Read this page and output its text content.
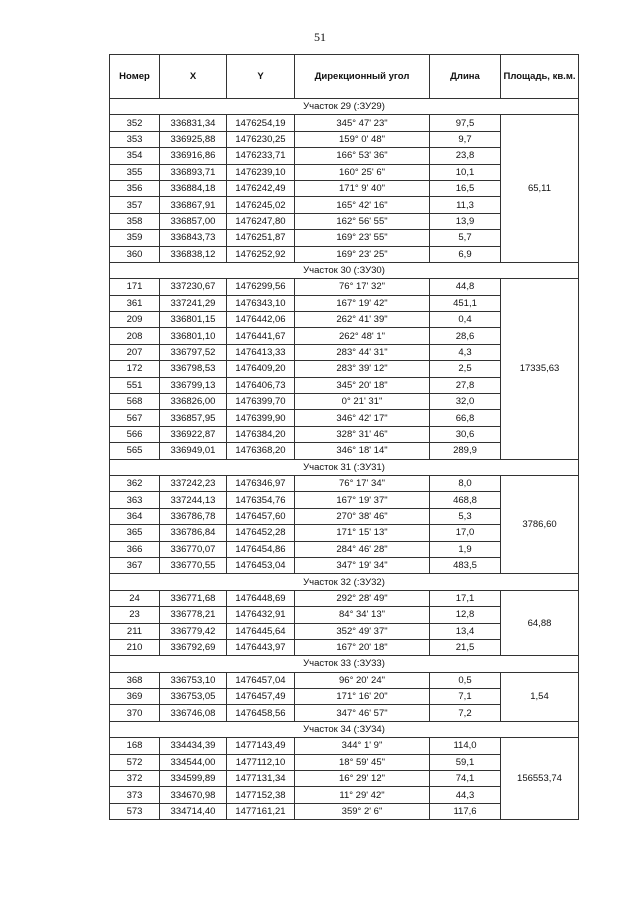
51
Номер	X	Y	Дирекционный угол	Длина	Площадь, кв.м.
Участок 29 (:ЗУ29)					
352	336831,34	1476254,19	345° 47' 23"	97,5	65,11
353	336925,88	1476230,25	159° 0' 48"	9,7	
354	336916,86	1476233,71	166° 53' 36"	23,8	
355	336893,71	1476239,10	160° 25' 6"	10,1	
356	336884,18	1476242,49	171° 9' 40"	16,5	
357	336867,91	1476245,02	165° 42' 16"	11,3	
358	336857,00	1476247,80	162° 56' 55"	13,9	
359	336843,73	1476251,87	169° 23' 55"	5,7	
360	336838,12	1476252,92	169° 23' 25"	6,9	
Участок 30 (:ЗУ30)					
171	337230,67	1476299,56	76° 17' 32"	44,8	17335,63
361	337241,29	1476343,10	167° 19' 42"	451,1	
209	336801,15	1476442,06	262° 41' 39"	0,4	
208	336801,10	1476441,67	262° 48' 1"	28,6	
207	336797,52	1476413,33	283° 44' 31"	4,3	
172	336798,53	1476409,20	283° 39' 12"	2,5	
551	336799,13	1476406,73	345° 20' 18"	27,8	
568	336826,00	1476399,70	0° 21' 31"	32,0	
567	336857,95	1476399,90	346° 42' 17"	66,8	
566	336922,87	1476384,20	328° 31' 46"	30,6	
565	336949,01	1476368,20	346° 18' 14"	289,9	
Участок 31 (:ЗУ31)					
362	337242,23	1476346,97	76° 17' 34"	8,0	3786,60
363	337244,13	1476354,76	167° 19' 37"	468,8	
364	336786,78	1476457,60	270° 38' 46"	5,3	
365	336786,84	1476452,28	171° 15' 13"	17,0	
366	336770,07	1476454,86	284° 46' 28"	1,9	
367	336770,55	1476453,04	347° 19' 34"	483,5	
Участок 32 (:ЗУ32)					
24	336771,68	1476448,69	292° 28' 49"	17,1	64,88
23	336778,21	1476432,91	84° 34' 13"	12,8	
211	336779,42	1476445,64	352° 49' 37"	13,4	
210	336792,69	1476443,97	167° 20' 18"	21,5	
Участок 33 (:ЗУ33)					
368	336753,10	1476457,04	96° 20' 24"	0,5	1,54
369	336753,05	1476457,49	171° 16' 20"	7,1	
370	336746,08	1476458,56	347° 46' 57"	7,2	
Участок 34 (:ЗУ34)					
168	334434,39	1477143,49	344° 1' 9"	114,0	156553,74
572	334544,00	1477112,10	18° 59' 45"	59,1	
372	334599,89	1477131,34	16° 29' 12"	74,1	
373	334670,98	1477152,38	11° 29' 42"	44,3	
573	334714,40	1477161,21	359° 2' 6"	117,6	
